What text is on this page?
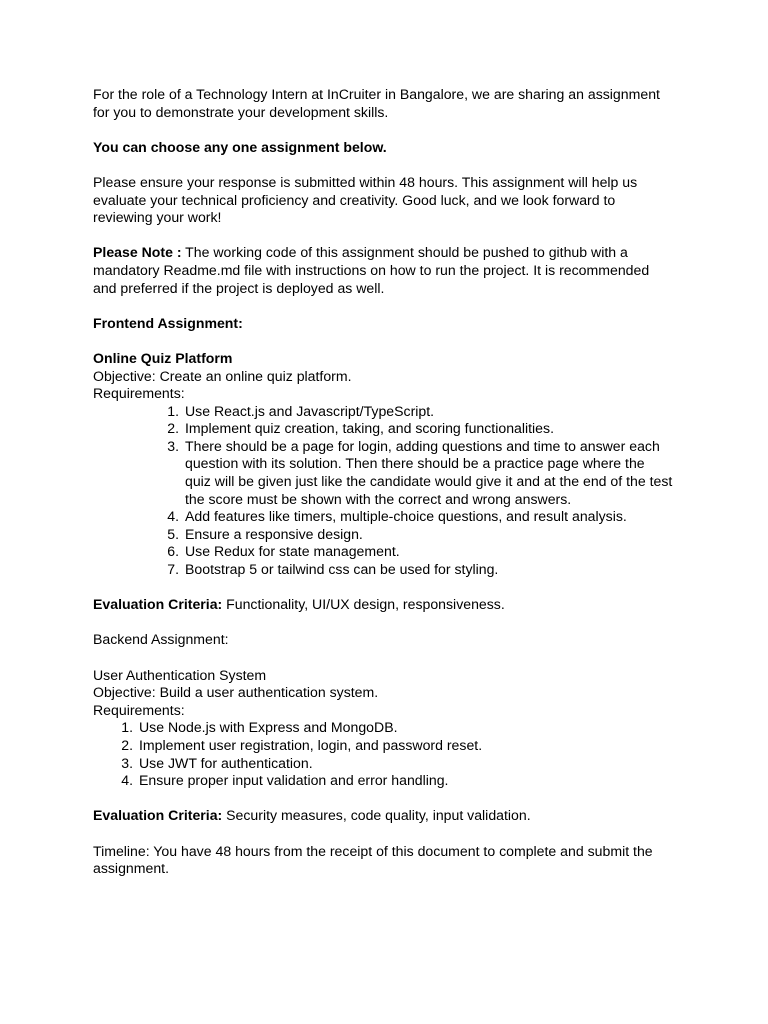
For the role of a Technology Intern at InCruiter in Bangalore, we are sharing an assignment for you to demonstrate your development skills.

You can choose any one assignment below.

Please ensure your response is submitted within 48 hours. This assignment will help us evaluate your technical proficiency and creativity. Good luck, and we look forward to reviewing your work!

Please Note : The working code of this assignment should be pushed to github with a mandatory Readme.md file with instructions on how to run the project. It is recommended and preferred if the project is deployed as well.

Frontend Assignment:

Online Quiz Platform
Objective: Create an online quiz platform.
Requirements:
1. Use React.js and Javascript/TypeScript.
2. Implement quiz creation, taking, and scoring functionalities.
3. There should be a page for login, adding questions and time to answer each question with its solution. Then there should be a practice page where the quiz will be given just like the candidate would give it and at the end of the test the score must be shown with the correct and wrong answers.
4. Add features like timers, multiple-choice questions, and result analysis.
5. Ensure a responsive design.
6. Use Redux for state management.
7. Bootstrap 5 or tailwind css can be used for styling.

Evaluation Criteria: Functionality, UI/UX design, responsiveness.

Backend Assignment:

User Authentication System
Objective: Build a user authentication system.
Requirements:
1. Use Node.js with Express and MongoDB.
2. Implement user registration, login, and password reset.
3. Use JWT for authentication.
4. Ensure proper input validation and error handling.

Evaluation Criteria: Security measures, code quality, input validation.

Timeline: You have 48 hours from the receipt of this document to complete and submit the assignment.
